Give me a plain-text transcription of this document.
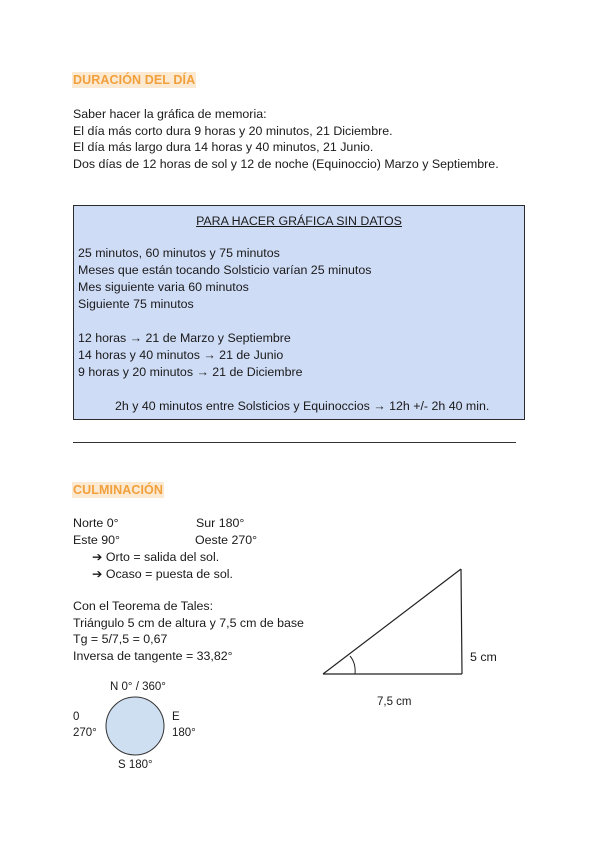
DURACIÓN DEL DÍA
Saber hacer la gráfica de memoria:
El día más corto dura 9 horas y 20 minutos, 21 Diciembre.
El día más largo dura 14 horas y 40 minutos, 21 Junio.
Dos días de 12 horas de sol y 12 de noche (Equinoccio) Marzo y Septiembre.
PARA HACER GRÁFICA SIN DATOS
25 minutos, 60 minutos y 75 minutos
Meses que están tocando Solsticio varían 25 minutos
Mes siguiente varia 60 minutos
Siguiente 75 minutos
12 horas → 21 de Marzo y Septiembre
14 horas y 40 minutos → 21 de Junio
9 horas y 20 minutos → 21 de Diciembre
2h y 40 minutos entre Solsticios y Equinoccios → 12h +/- 2h 40 min.
CULMINACIÓN
Norte 0°	Sur 180°
Este 90°	Oeste 270°
➔ Orto = salida del sol.
➔ Ocaso = puesta de sol.
Con el Teorema de Tales:
Triángulo 5 cm de altura y 7,5 cm de base
Tg = 5/7,5 = 0,67
Inversa de tangente = 33,82°	5 cm
7,5 cm
N 0° / 360°
0
270°
E
180°
S 180°
